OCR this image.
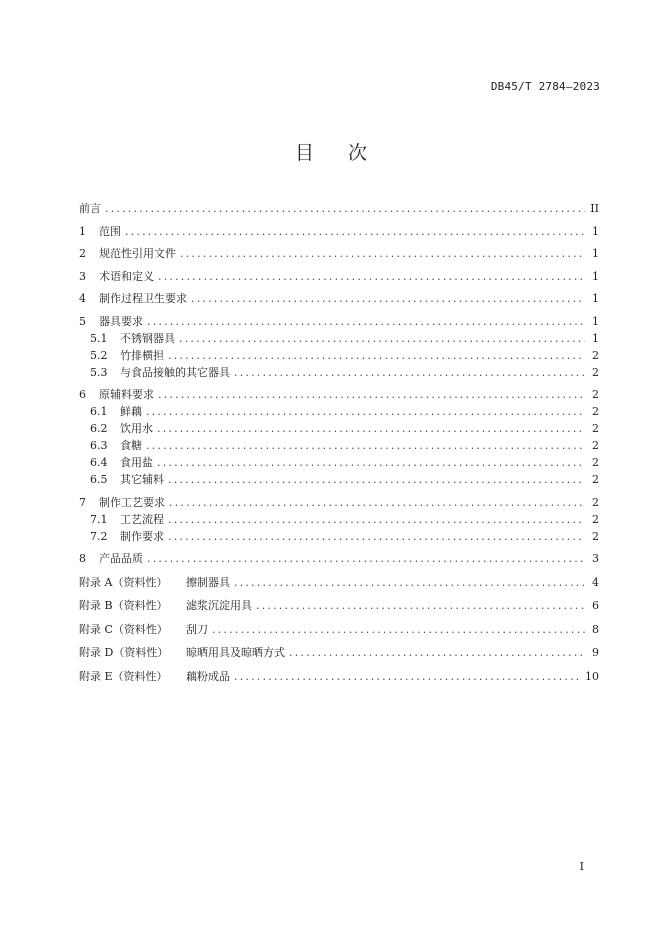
DB45/T 2784—2023
目 次
前言 .....	II
1	范围 .....	1
2	规范性引用文件 .....	1
3	术语和定义 .....	1
4	制作过程卫生要求 .....	1
5	器具要求 .....	1
5.1	不锈钢器具 .....	1
5.2	竹排横担 .....	2
5.3	与食品接触的其它器具 .....	2
6	原辅料要求 .....	2
6.1	鲜藕 .....	2
6.2	饮用水 .....	2
6.3	食糖 .....	2
6.4	食用盐 .....	2
6.5	其它辅料 .....	2
7	制作工艺要求 .....	2
7.1	工艺流程 .....	2
7.2	制作要求 .....	2
8	产品品质 .....	3
附录 A（资料性）	擦制器具 .....	4
附录 B（资料性）	滤浆沉淀用具 .....	6
附录 C（资料性）	刮刀 .....	8
附录 D（资料性）	晾晒用具及晾晒方式 .....	9
附录 E（资料性）	藕粉成品 .....	10
I
